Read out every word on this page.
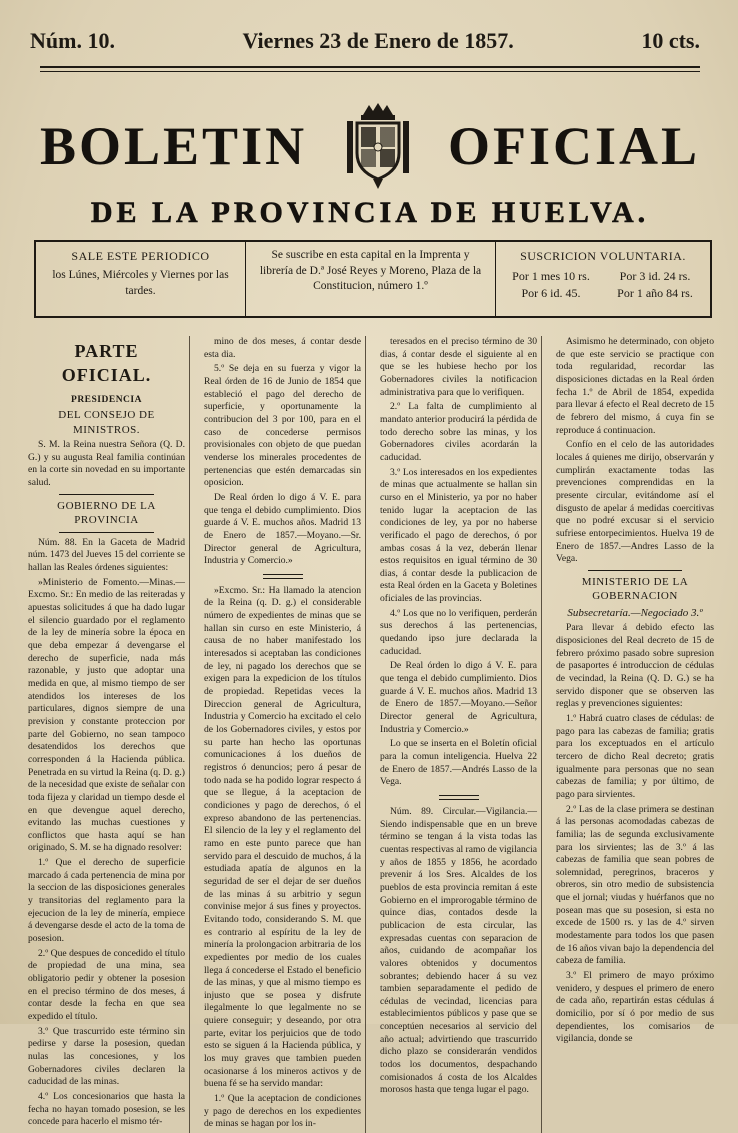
Núm. 10.	Viernes 23 de Enero de 1857.	10 cts.
BOLETIN	OFICIAL
DE LA PROVINCIA DE HUELVA.
SALE ESTE PERIODICO
los Lúnes, Miércoles y Viernes por las tardes.
Se suscribe en esta capital en la Imprenta y librería de D.ª José Reyes y Moreno, Plaza de la Constitucion, número 1.º
SUSCRICION VOLUNTARIA.
Por 1 mes 10 rs.	Por 3 id. 24 rs.
Por 6 id. 45.	Por 1 año 84 rs.
PARTE OFICIAL.

PRESIDENCIA

DEL CONSEJO DE MINISTROS.

S. M. la Reina nuestra Señora (Q. D. G.) y su augusta Real familia continúan en la corte sin novedad en su importante salud.

GOBIERNO DE LA PROVINCIA

Núm. 88. En la Gaceta de Madrid núm. 1473 del Jueves 15 del corriente se hallan las Reales órdenes siguientes:

»Ministerio de Fomento.—Minas.—Excmo. Sr.: En medio de las reiteradas y apuestas solicitudes á que ha dado lugar el silencio guardado por el reglamento de la ley de minería sobre la época en que deba empezar á devengarse el derecho de superficie, nada más razonable, y justo que adoptar una medida en que, al mismo tiempo de ser atendidos los intereses de los particulares, dignos siempre de una prevision y constante proteccion por parte del Gobierno, no sean tampoco desatendidos los derechos que corresponden á la Hacienda pública. Penetrada en su virtud la Reina (q. D. g.) de la necesidad que existe de señalar con toda fijeza y claridad un tiempo desde el en que devengue aquel derecho, evitando las muchas cuestiones y conflictos que hasta aquí se han originado, S. M. se ha dignado resolver:

1.º Que el derecho de superficie marcado á cada pertenencia de mina por la seccion de las disposiciones generales y transitorias del reglamento para la ejecucion de la ley de minería, empiece á devengarse desde el acto de la toma de posesion.

2.º Que despues de concedido el título de propiedad de una mina, sea obligatorio pedir y obtener la posesion en el preciso término de dos meses, á contar desde la fecha en que sea expedido el título.

3.º Que trascurrido este término sin pedirse y darse la posesion, quedan nulas las concesiones, y los Gobernadores civiles declaren la caducidad de las minas.

4.º Los concesionarios que hasta la fecha no hayan tomado posesion, se les concede para hacerlo el mismo tér-

mino de dos meses, á contar desde esta dia.

5.º Se deja en su fuerza y vigor la Real órden de 16 de Junio de 1854 que estableció el pago del derecho de superficie, y oportunamente la contribucion del 3 por 100, para en el caso de concederse permisos provisionales con objeto de que puedan venderse los minerales procedentes de pertenencias que estén demarcadas sin oposicion.

De Real órden lo digo á V. E. para que tenga el debido cumplimiento. Dios guarde á V. E. muchos años. Madrid 13 de Enero de 1857.—Moyano.—Sr. Director general de Agricultura, Industria y Comercio.»

»Excmo. Sr.: Ha llamado la atencion de la Reina (q. D. g.) el considerable número de expedientes de minas que se hallan sin curso en este Ministerio, á causa de no haber manifestado los interesados si aceptaban las condiciones de ley, ni pagado los derechos que se exigen para la expedicion de los títulos de propiedad. Repetidas veces la Direccion general de Agricultura, Industria y Comercio ha excitado el celo de los Gobernadores civiles, y estos por su parte han hecho las oportunas comunicaciones á los dueños de registros ó denuncios; pero á pesar de todo nada se ha podido lograr respecto á que se llegue, á la aceptacion de condiciones y pago de derechos, ó el expreso abandono de las pertenencias. El silencio de la ley y el reglamento del ramo en este punto parece que han servido para el descuido de muchos, á la estudiada apatía de algunos en la seguridad de ser el dejar de ser dueños de las minas á su arbitrio y segun convinise mejor á sus fines y proyectos. Evitando todo, considerando S. M. que es contrario al espíritu de la ley de minería la prolongacion arbitraria de los expedientes por medio de los cuales llega á concederse el Estado el beneficio de las minas, y que al mismo tiempo es injusto que se posea y disfrute ilegalmente lo que legalmente no se quiere conseguir; y deseando, por otra parte, evitar los perjuicios que de todo esto se siguen á la Hacienda pública, y los muy graves que tambien pueden ocasionarse á los mineros activos y de buena fé se ha servido mandar:

1.º Que la aceptacion de condiciones y pago de derechos en los expedientes de minas se hagan por los in-

teresados en el preciso término de 30 dias, á contar desde el siguiente al en que se les hubiese hecho por los Gobernadores civiles la notificacion administrativa para que lo verifiquen.

2.º La falta de cumplimiento al mandato anterior producirá la pérdida de todo derecho sobre las minas, y los Gobernadores civiles acordarán la caducidad.

3.º Los interesados en los expedientes de minas que actualmente se hallan sin curso en el Ministerio, ya por no haber tenido lugar la aceptacion de las condiciones de ley, ya por no haberse verificado el pago de derechos, ó por ambas cosas á la vez, deberán llenar estos requisitos en igual término de 30 dias, á contar desde la publicacion de esta Real órden en la Gaceta y Boletines oficiales de las provincias.

4.º Los que no lo verifiquen, perderán sus derechos á las pertenencias, quedando ipso jure declarada la caducidad.

De Real órden lo digo á V. E. para que tenga el debido cumplimiento. Dios guarde á V. E. muchos años. Madrid 13 de Enero de 1857.—Moyano.—Señor Director general de Agricultura, Industria y Comercio.»

Lo que se inserta en el Boletín oficial para la comun inteligencia. Huelva 22 de Enero de 1857.—Andrés Lasso de la Vega.

Núm. 89. Circular.—Vigilancia.—Siendo indispensable que en un breve término se tengan á la vista todas las cuentas respectivas al ramo de vigilancia y años de 1855 y 1856, he acordado prevenir á los Sres. Alcaldes de los pueblos de esta provincia remitan á este Gobierno en el improrogable término de quince dias, contados desde la publicacion de esta circular, las expresadas cuentas con separacion de años, cuidando de acompañar los valores obtenidos y documentos sobrantes; debiendo hacer á su vez tambien separadamente el pedido de cédulas de vecindad, licencias para establecimientos públicos y pase que se conceptúen necesarios al servicio del año actual; advirtiendo que trascurrido dicho plazo se considerarán vendidos todos los documentos, despachando comisionados á costa de los Alcaldes morosos hasta que tenga lugar el pago.

Asimismo he determinado, con objeto de que este servicio se practique con toda regularidad, recordar las disposiciones dictadas en la Real órden fecha 1.º de Abril de 1854, expedida para llevar á efecto el Real decreto de 15 de febrero del mismo, á cuya fin se reproduce á continuacion.

Confío en el celo de las autoridades locales á quienes me dirijo, observarán y cumplirán exactamente todas las prevenciones comprendidas en la presente circular, evitándome así el disgusto de apelar á medidas coercitivas que no podré excusar si el servicio sufriese entorpecimientos. Huelva 19 de Enero de 1857.—Andres Lasso de la Vega.

MINISTERIO DE LA GOBERNACION

Subsecretaría.—Negociado 3.º

Para llevar á debido efecto las disposiciones del Real decreto de 15 de febrero próximo pasado sobre supresion de pasaportes é introduccion de cédulas de vecindad, la Reina (Q. D. G.) se ha servido disponer que se observen las reglas y prevenciones siguientes:

1.º Habrá cuatro clases de cédulas: de pago para las cabezas de familia; gratis para los exceptuados en el artículo tercero de dicho Real decreto; gratis igualmente para personas que no sean cabezas de familia; y por último, de pago para sirvientes.

2.º Las de la clase primera se destinan á las personas acomodadas cabezas de familia; las de segunda exclusivamente para los sirvientes; las de 3.º á las cabezas de familia que sean pobres de solemnidad, peregrinos, braceros y obreros, sin otro medio de subsistencia que el jornal; viudas y huérfanos que no posean mas que su posesion, si esta no excede de 1500 rs. y las de 4.º sirven modestamente para todos los que pasen de 16 años vivan bajo la dependencia del cabeza de familia.

3.º El primero de mayo próximo venidero, y despues el primero de enero de cada año, repartirán estas cédulas á domicilio, por sí ó por medio de sus dependientes, los comisarios de vigilancia, donde se
